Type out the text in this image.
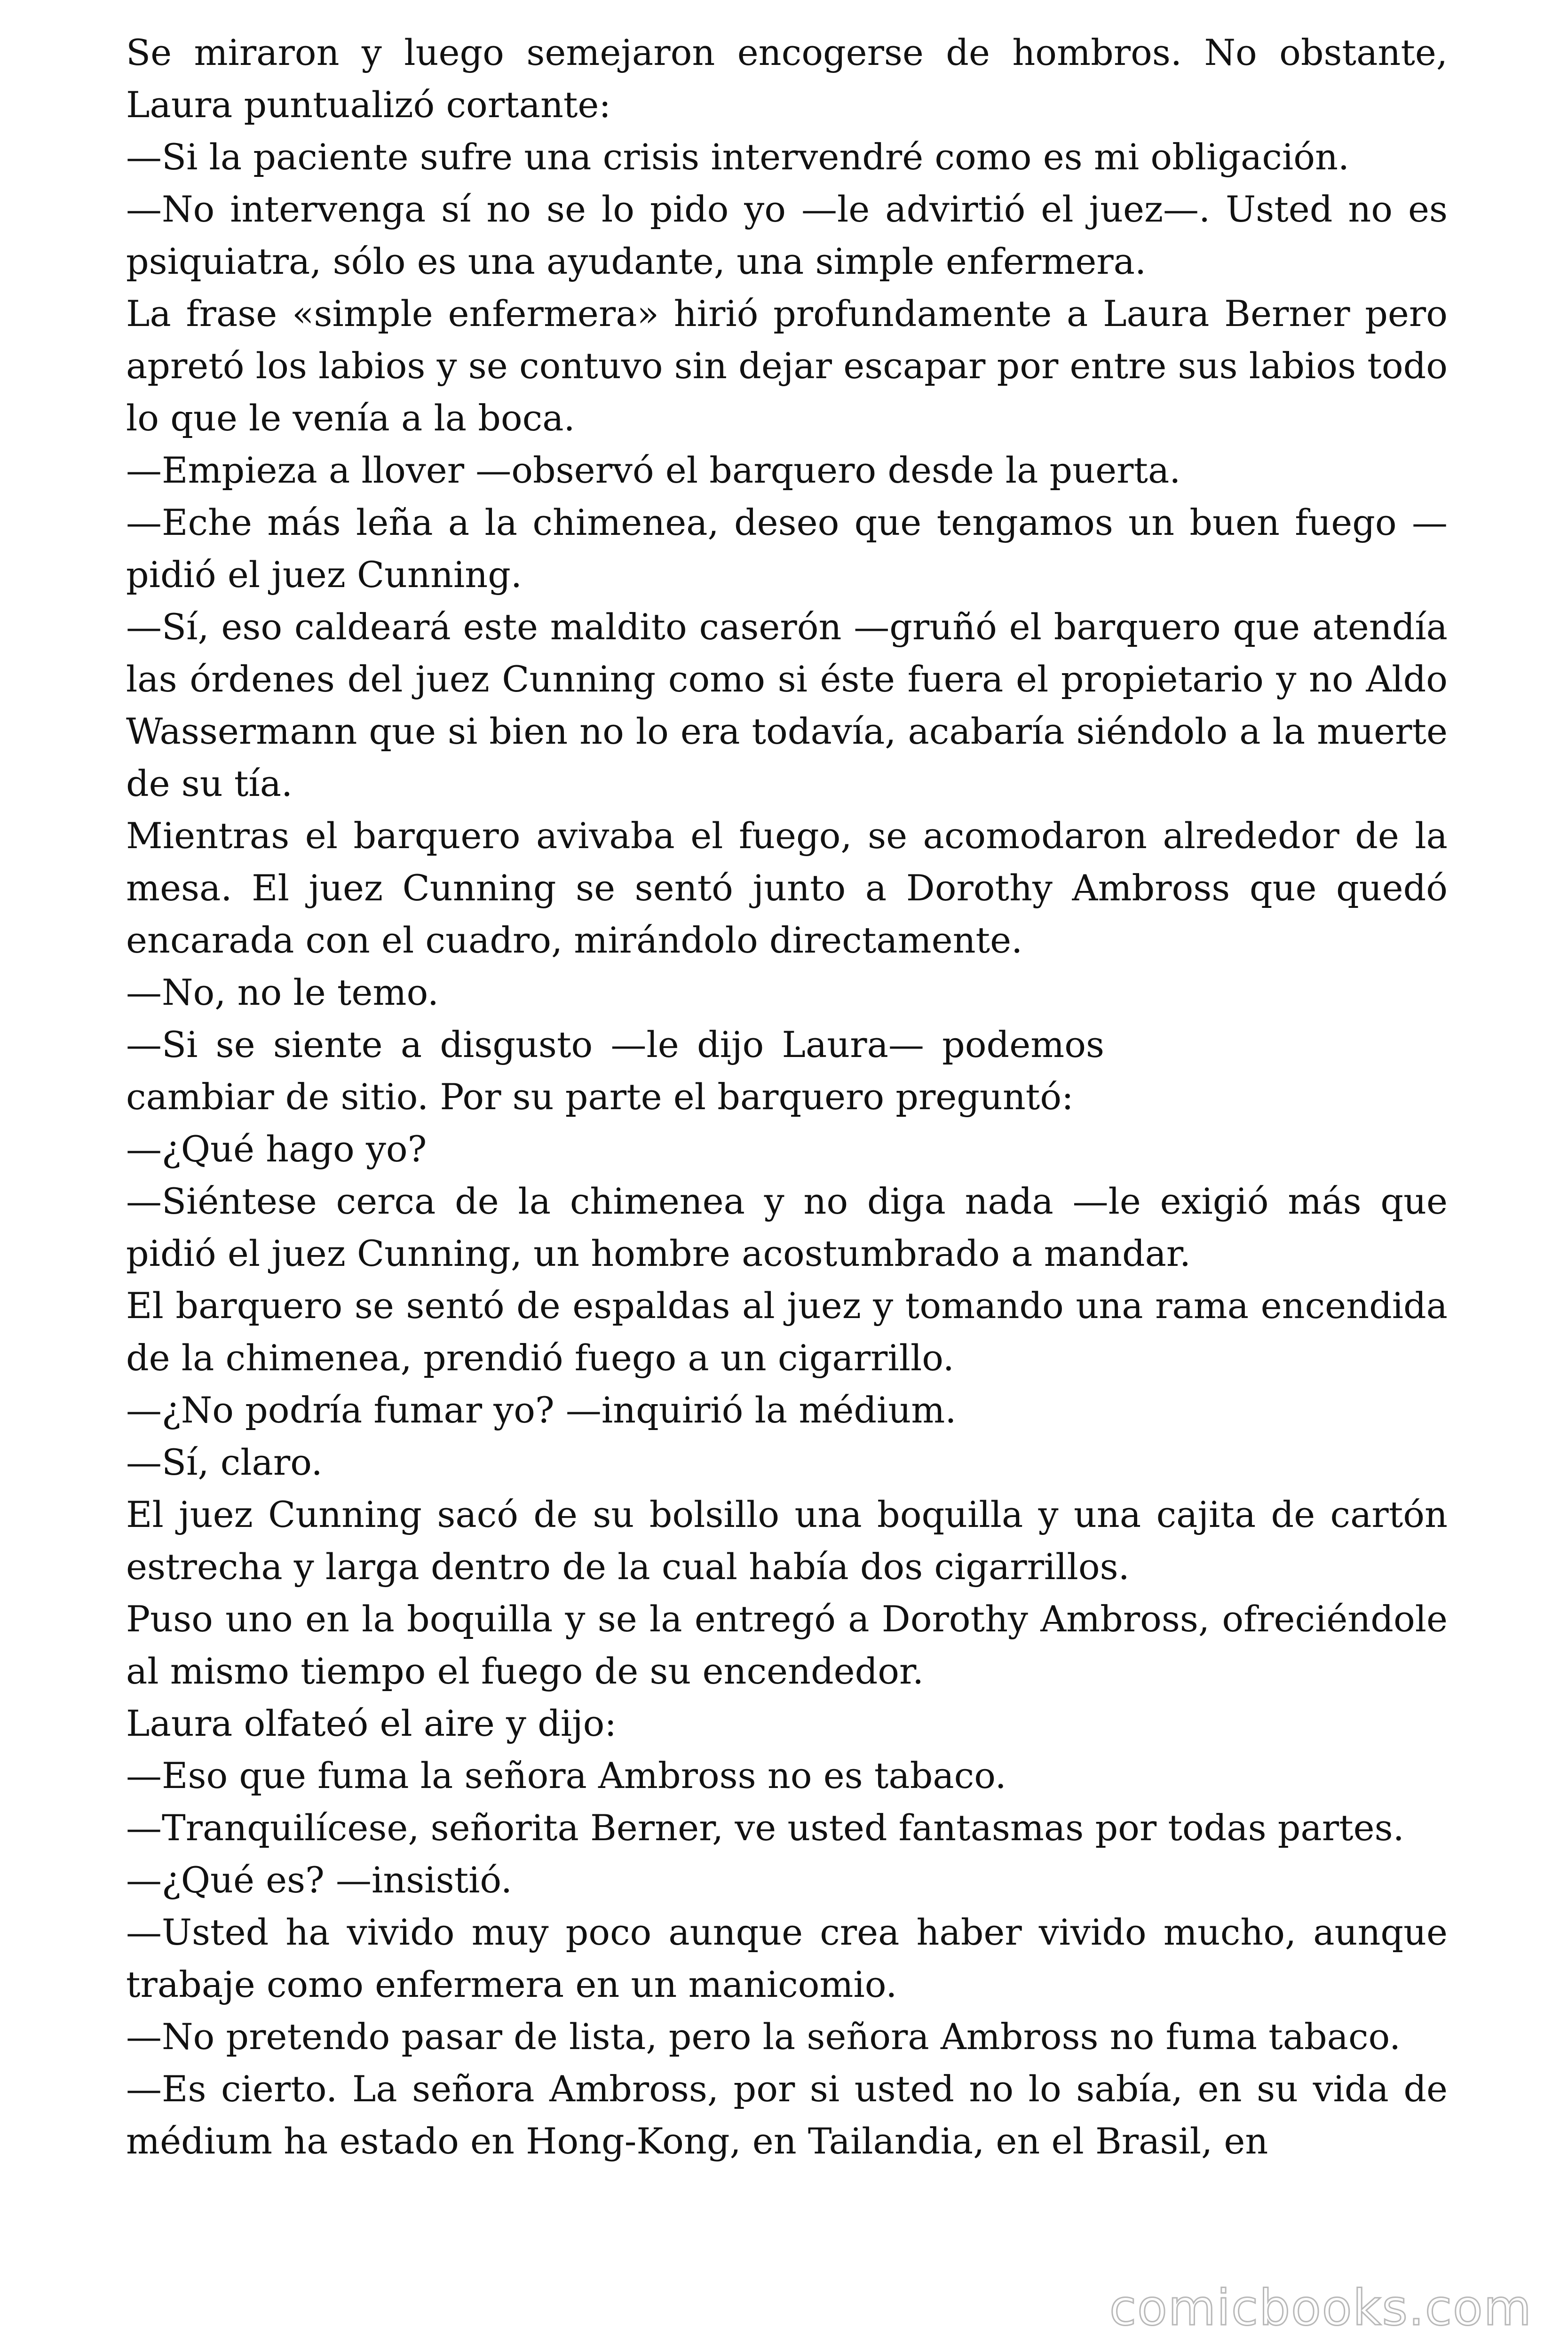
Se miraron y luego semejaron encogerse de hombros. No obstante, Laura puntualizó cortante:

—Si la paciente sufre una crisis intervendré como es mi obligación.

—No intervenga sí no se lo pido yo —le advirtió el juez—. Usted no es psiquiatra, sólo es una ayudante, una simple enfermera.

La frase «simple enfermera» hirió profundamente a Laura Berner pero apretó los labios y se contuvo sin dejar escapar por entre sus labios todo lo que le venía a la boca.

—Empieza a llover —observó el barquero desde la puerta.

—Eche más leña a la chimenea, deseo que tengamos un buen fuego —pidió el juez Cunning.

—Sí, eso caldeará este maldito caserón —gruñó el barquero que atendía las órdenes del juez Cunning como si éste fuera el propietario y no Aldo Wassermann que si bien no lo era todavía, acabaría siéndolo a la muerte de su tía.

Mientras el barquero avivaba el fuego, se acomodaron alrededor de la mesa. El juez Cunning se sentó junto a Dorothy Ambross que quedó encarada con el cuadro, mirándolo directamente.

—No, no le temo.

—Si se siente a disgusto —le dijo Laura— podemos cambiar de sitio. Por su parte el barquero preguntó:

—¿Qué hago yo?

—Siéntese cerca de la chimenea y no diga nada —le exigió más que pidió el juez Cunning, un hombre acostumbrado a mandar.

El barquero se sentó de espaldas al juez y tomando una rama encendida de la chimenea, prendió fuego a un cigarrillo.

—¿No podría fumar yo? —inquirió la médium.

—Sí, claro.

El juez Cunning sacó de su bolsillo una boquilla y una cajita de cartón estrecha y larga dentro de la cual había dos cigarrillos.

Puso uno en la boquilla y se la entregó a Dorothy Ambross, ofreciéndole al mismo tiempo el fuego de su encendedor.

Laura olfateó el aire y dijo:

—Eso que fuma la señora Ambross no es tabaco.

—Tranquilícese, señorita Berner, ve usted fantasmas por todas partes.

—¿Qué es? —insistió.

—Usted ha vivido muy poco aunque crea haber vivido mucho, aunque trabaje como enfermera en un manicomio.

—No pretendo pasar de lista, pero la señora Ambross no fuma tabaco.

—Es cierto. La señora Ambross, por si usted no lo sabía, en su vida de médium ha estado en Hong-Kong, en Tailandia, en el Brasil, en

comicbooks.com
